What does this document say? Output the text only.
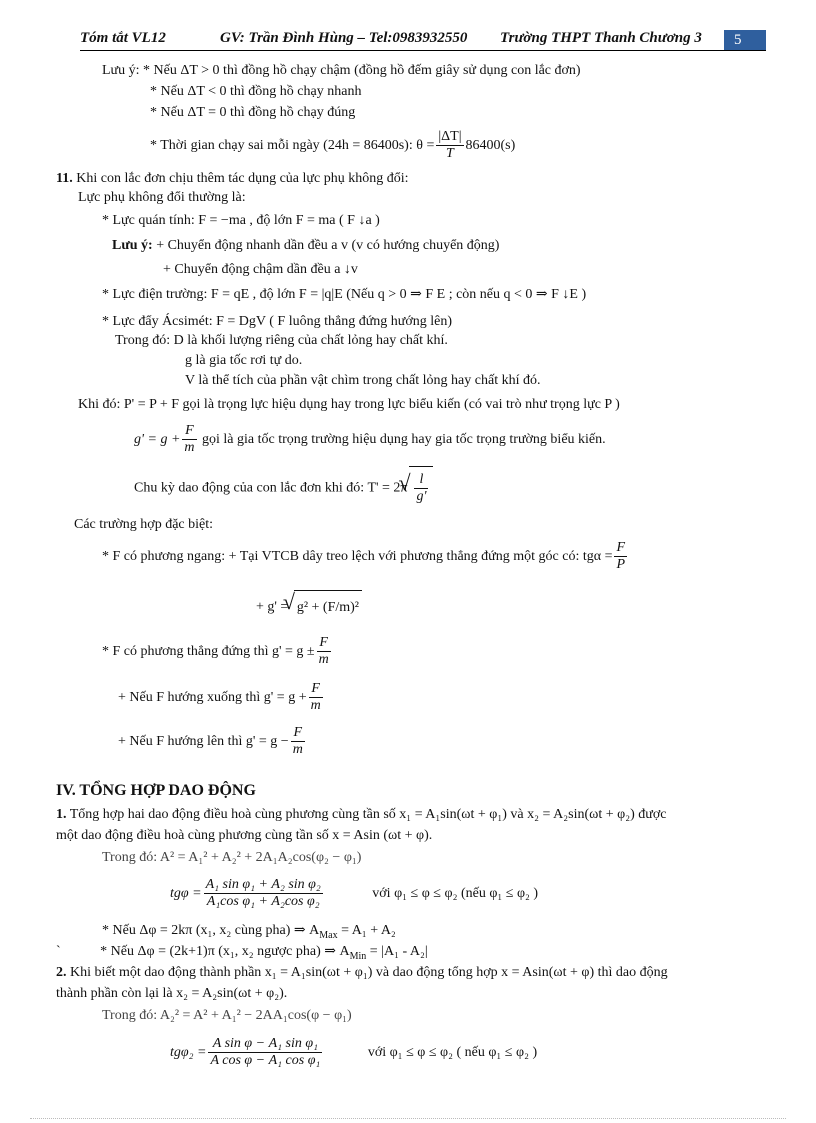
Tóm tắt VL12	GV: Trần Đình Hùng – Tel:0983932550 Trường THPT Thanh Chương 3	5
Lưu ý: * Nếu ΔT > 0 thì đồng hồ chạy chậm (đồng hồ đếm giây sử dụng con lắc đơn)
* Nếu ΔT < 0 thì đồng hồ chạy nhanh
* Nếu ΔT = 0 thì đồng hồ chạy đúng
* Thời gian chạy sai mỗi ngày (24h = 86400s): $\theta = \frac{|\Delta T|}{T} 86400(s)$
11. Khi con lắc đơn chịu thêm tác dụng của lực phụ không đổi:
Lực phụ không đổi thường là:
* Lực quán tính: F = −ma , độ lớn F = ma ( F ↓a )
Lưu ý: + Chuyển động nhanh dần đều a v (v có hướng chuyển động)
+ Chuyển động chậm dần đều a ↓v
* Lực điện trường: F = qE , độ lớn F = |q|E (Nếu q > 0 ⇒ F E ; còn nếu q < 0 ⇒ F ↓E )
* Lực đẩy Ácsimét: F = DgV ( F luông thẳng đứng hướng lên)
Trong đó: D là khối lượng riêng của chất lỏng hay chất khí.
g là gia tốc rơi tự do.
V là thể tích của phần vật chìm trong chất lỏng hay chất khí đó.
Khi đó: P' = P + F gọi là trọng lực hiệu dụng hay trong lực biểu kiến (có vai trò như trọng lực P )
$g' = g + \frac{F}{m}$ gọi là gia tốc trọng trường hiệu dụng hay gia tốc trọng trường biểu kiến.
Chu kỳ dao động của con lắc đơn khi đó: T' = 2π √ $\frac{l}{g'}$
Các trường hợp đặc biệt:
* F có phương ngang: + Tại VTCB dây treo lệch với phương thẳng đứng một góc có: $tg\alpha = \frac{F}{P}$
+ g' = √ g² + (F/m)²
* F có phương thẳng đứng thì $g' = g \pm \frac{F}{m}$
+ Nếu F hướng xuống thì $g' = g + \frac{F}{m}$
+ Nếu F hướng lên thì $g' = g - \frac{F}{m}$
IV. TỔNG HỢP DAO ĐỘNG
1. Tổng hợp hai dao động điều hoà cùng phương cùng tần số x₁ = A₁sin(ωt + φ₁) và x₂ = A₂sin(ωt + φ₂) được
một dao động điều hoà cùng phương cùng tần số x = Asin (ωt + φ).
Trong đó: A² = A₁² + A₂² + 2A₁A₂cos(φ₂ − φ₁)
$tg\varphi = \frac{\text{A₁ sin φ₁ + A₂ sin φ₂}}{\text{A₁cos φ₁ + A₂cos φ₂}}$	với φ₁ ≤ φ ≤ φ₂ (nếu φ₁ ≤ φ₂ )
* Nếu Δφ = 2kπ (x₁, x₂ cùng pha) ⇒ $A_{Max} = A_1 + A_2$
`	* Nếu Δφ = (2k+1)π (x₁, x₂ ngược pha) ⇒ $A_{Min} = |A_1 - A_2|$
2. Khi biết một dao động thành phần x₁ = A₁sin(ωt + φ₁) và dao động tổng hợp x = Asin(ωt + φ) thì dao động
thành phần còn lại là x₂ = A₂sin(ωt + φ₂).
Trong đó: A₂² = A² + A₁² − 2AA₁cos(φ − φ₁)
$tg\varphi_2 = \frac{\text{A sin φ − A₁ sin φ₁}}{\text{A cos φ − A₁ cos φ₁}}$	với φ₁ ≤ φ ≤ φ₂ ( nếu φ₁ ≤ φ₂ )
